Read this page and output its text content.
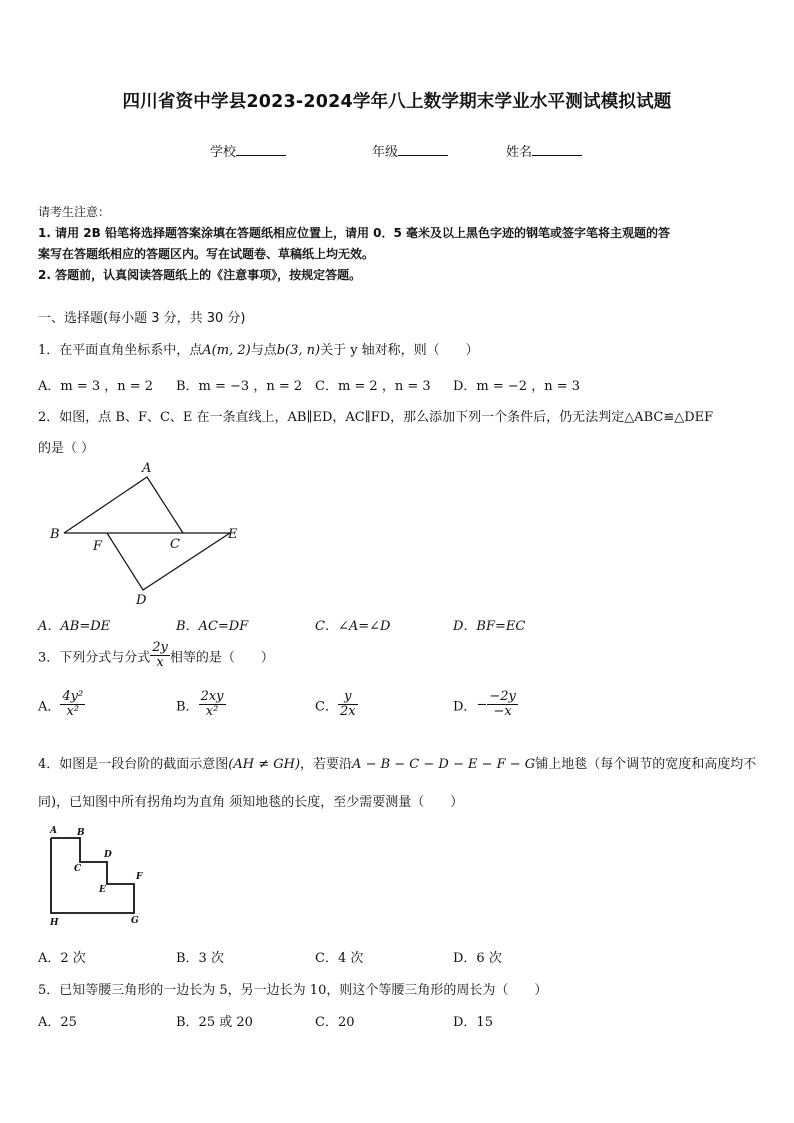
四川省资中学县2023-2024学年八上数学期末学业水平测试模拟试题
学校	年级	姓名
请考生注意：
1. 请用 2B 铅笔将选择题答案涂填在答题纸相应位置上，请用 0．5 毫米及以上黑色字迹的钢笔或签字笔将主观题的答
案写在答题纸相应的答题区内。写在试题卷、草稿纸上均无效。
2. 答题前，认真阅读答题纸上的《注意事项》，按规定答题。
一、选择题(每小题 3 分，共 30 分)
1．在平面直角坐标系中，点A(m, 2)与点b(3, n)关于 y 轴对称，则（　　）
A．m = 3 ，n = 2 B．m = −3 ，n = 2 C．m = 2 ，n = 3 D．m = −2 ，n = 3
2．如图，点 B、F、C、E 在一条直线上，AB∥ED，AC∥FD，那么添加下列一个条件后，仍无法判定△ABC≌△DEF
的是（ ）
A
B
F	C
E
D
A．AB=DE	B．AC=DF	C．∠A=∠D	D．BF=EC
3．下列分式与分式 $\frac{2y}{x}$ 相等的是（　　）
A． $\frac{\text{4y²}}{\text{x²}}$	B． $\frac{2xy}{\text{x²}}$	C． $\frac{y}{2x}$	D．− $\frac{-2y}{-x}$
4．如图是一段台阶的截面示意图(AH ≠ GH)，若要沿A − B − C − D − E − F − G铺上地毯（每个调节的宽度和高度均不
同)，已知图中所有拐角均为直角 须知地毯的长度，至少需要测量（　　）
A B
C
D
E
F
G
H
A．2 次	B．3 次	C．4 次	D．6 次
5．已知等腰三角形的一边长为 5，另一边长为 10，则这个等腰三角形的周长为（　　）
A．25	B．25 或 20	C．20	D．15
